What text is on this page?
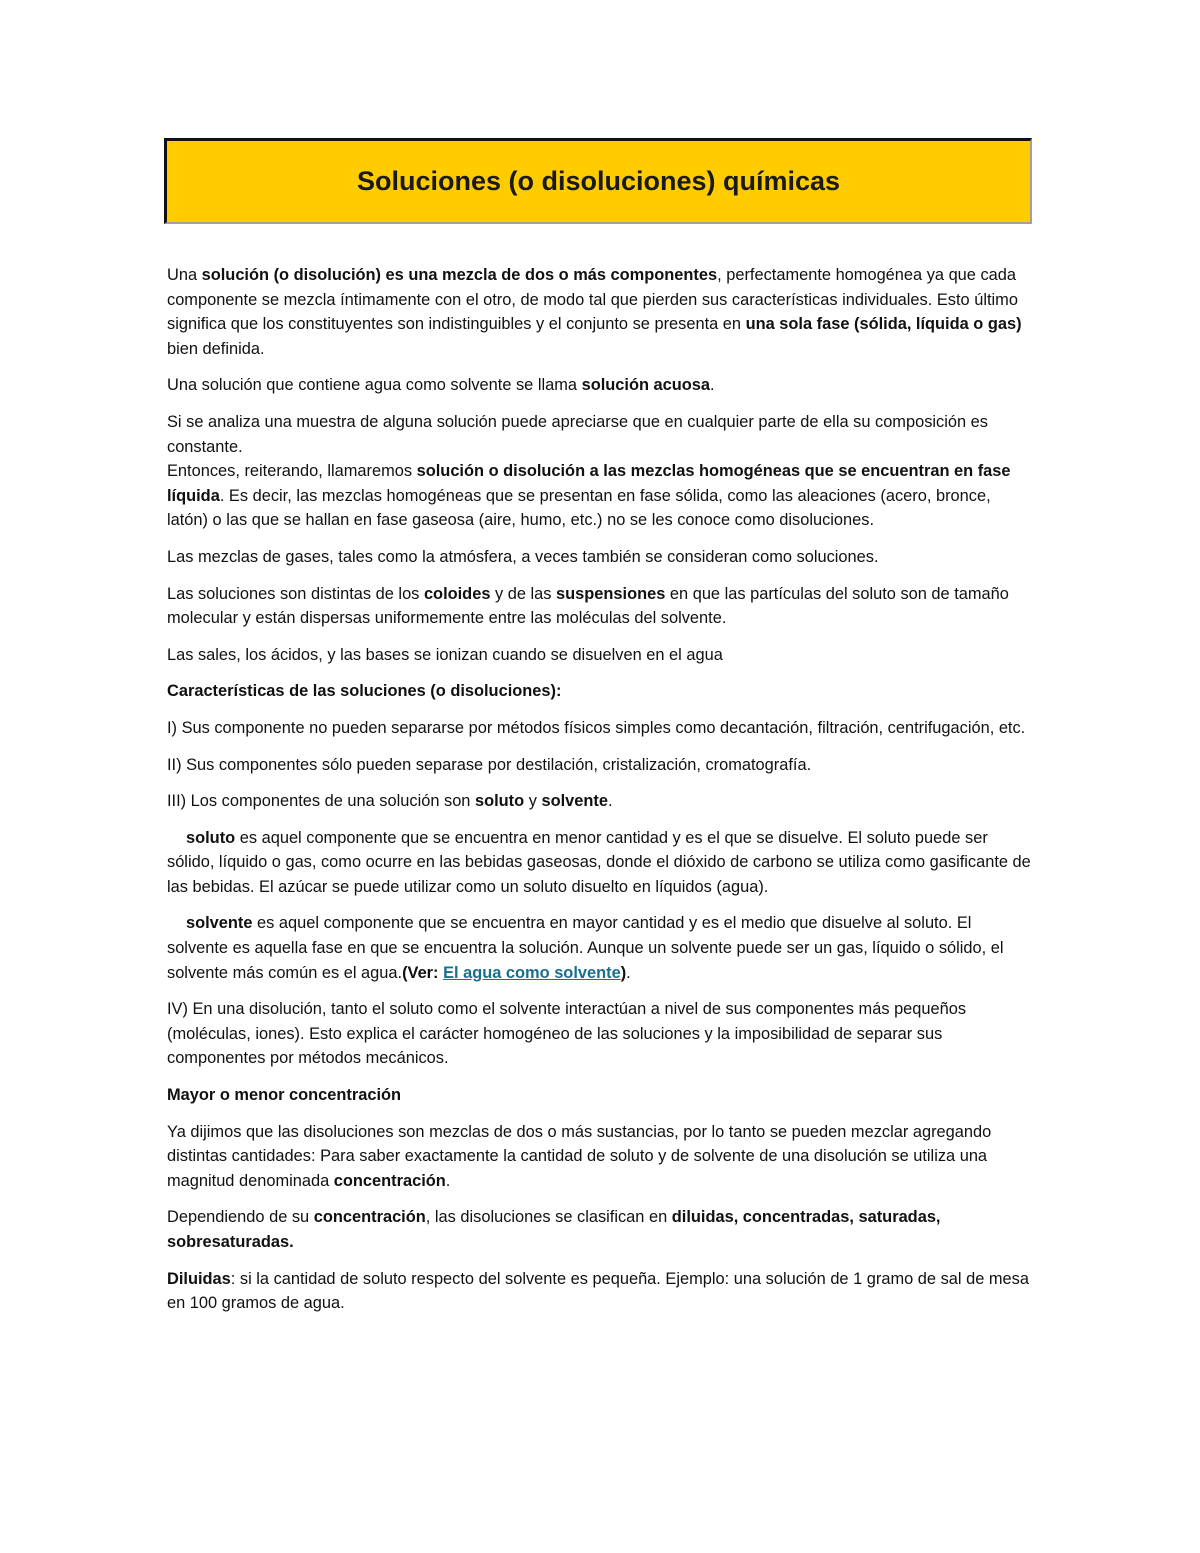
Soluciones (o disoluciones) químicas

Una solución (o disolución) es una mezcla de dos o más componentes, perfectamente homogénea ya que cada componente se mezcla íntimamente con el otro, de modo tal que pierden sus características individuales. Esto último significa que los constituyentes son indistinguibles y el conjunto se presenta en una sola fase (sólida, líquida o gas) bien definida.

Una solución que contiene agua como solvente se llama solución acuosa.

Si se analiza una muestra de alguna solución puede apreciarse que en cualquier parte de ella su composición es constante.

Entonces, reiterando, llamaremos solución o disolución a las mezclas homogéneas que se encuentran en fase líquida. Es decir, las mezclas homogéneas que se presentan en fase sólida, como las aleaciones (acero, bronce, latón) o las que se hallan en fase gaseosa (aire, humo, etc.) no se les conoce como disoluciones.

Las mezclas de gases, tales como la atmósfera, a veces también se consideran como soluciones.

Las soluciones son distintas de los coloides y de las suspensiones en que las partículas del soluto son de tamaño molecular y están dispersas uniformemente entre las moléculas del solvente.

Las sales, los ácidos, y las bases se ionizan cuando se disuelven en el agua

Características de las soluciones (o disoluciones):

I) Sus componente no pueden separarse por métodos físicos simples como decantación, filtración, centrifugación, etc.

II) Sus componentes sólo pueden separase por destilación, cristalización, cromatografía.

III) Los componentes de una solución son soluto y solvente.

soluto es aquel componente que se encuentra en menor cantidad y es el que se disuelve. El soluto puede ser sólido, líquido o gas, como ocurre en las bebidas gaseosas, donde el dióxido de carbono se utiliza como gasificante de las bebidas. El azúcar se puede utilizar como un soluto disuelto en líquidos (agua).

solvente es aquel componente que se encuentra en mayor cantidad y es el medio que disuelve al soluto. El solvente es aquella fase en que se encuentra la solución. Aunque un solvente puede ser un gas, líquido o sólido, el solvente más común es el agua.(Ver: El agua como solvente).

IV) En una disolución, tanto el soluto como el solvente interactúan a nivel de sus componentes más pequeños (moléculas, iones). Esto explica el carácter homogéneo de las soluciones y la imposibilidad de separar sus componentes por métodos mecánicos.

Mayor o menor concentración

Ya dijimos que las disoluciones son mezclas de dos o más sustancias, por lo tanto se pueden mezclar agregando distintas cantidades: Para saber exactamente la cantidad de soluto y de solvente de una disolución se utiliza una magnitud denominada concentración.

Dependiendo de su concentración, las disoluciones se clasifican en diluidas, concentradas, saturadas, sobresaturadas.

Diluidas: si la cantidad de soluto respecto del solvente es pequeña. Ejemplo: una solución de 1 gramo de sal de mesa en 100 gramos de agua.
